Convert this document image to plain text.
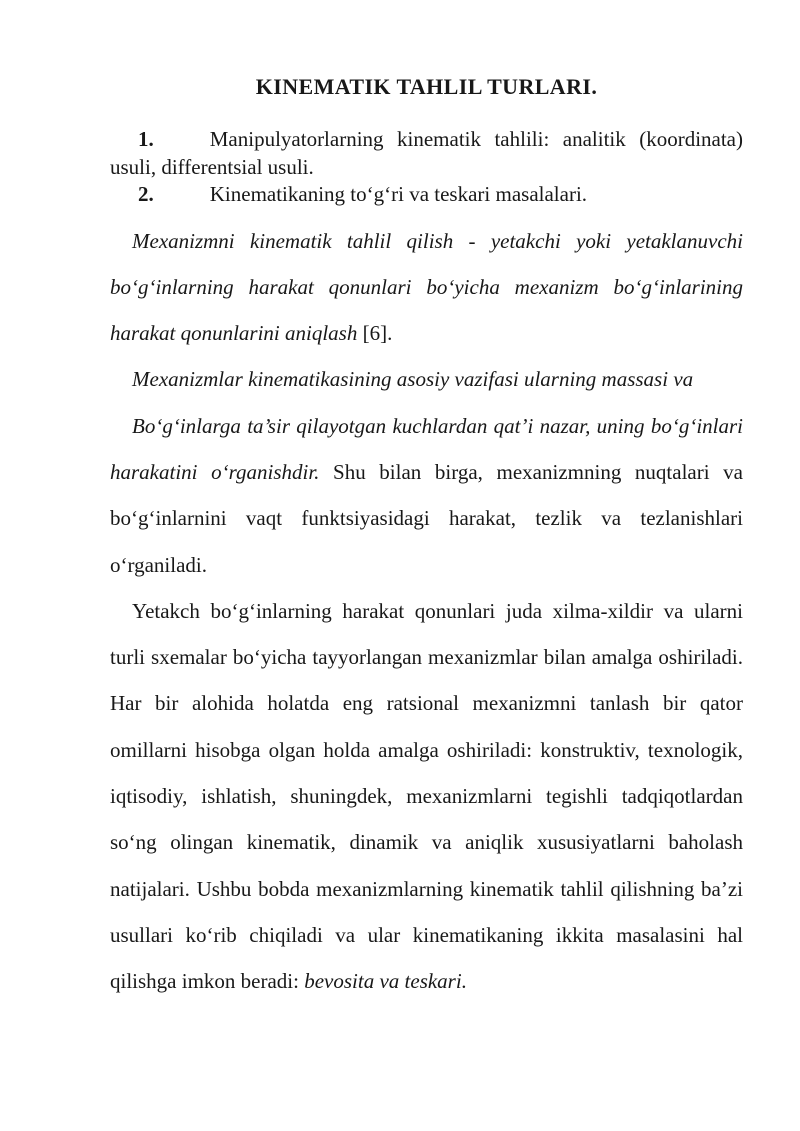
KINEMATIK TAHLIL TURLARI.

1.	Manipulyatorlarning kinematik tahlili: analitik (koordinata) usuli, differentsial usuli.

2.	Kinematikaning to‘g‘ri va teskari masalalari.

Mexanizmni kinematik tahlil qilish - yetakchi yoki yetaklanuvchi bo‘g‘inlarning harakat qonunlari bo‘yicha mexanizm bo‘g‘inlarining harakat qonunlarini aniqlash [6].

Mexanizmlar kinematikasining asosiy vazifasi ularning massasi va

Bo‘g‘inlarga ta’sir qilayotgan kuchlardan qat’i nazar, uning bo‘g‘inlari harakatini o‘rganishdir. Shu bilan birga, mexanizmning nuqtalari va bo‘g‘inlarnini vaqt funktsiyasidagi harakat, tezlik va tezlanishlari o‘rganiladi.

Yetakch bo‘g‘inlarning harakat qonunlari juda xilma-xildir va ularni turli sxemalar bo‘yicha tayyorlangan mexanizmlar bilan amalga oshiriladi. Har bir alohida holatda eng ratsional mexanizmni tanlash bir qator omillarni hisobga olgan holda amalga oshiriladi: konstruktiv, texnologik, iqtisodiy, ishlatish, shuningdek, mexanizmlarni tegishli tadqiqotlardan so‘ng olingan kinematik, dinamik va aniqlik xususiyatlarni baholash natijalari. Ushbu bobda mexanizmlarning kinematik tahlil qilishning ba’zi usullari ko‘rib chiqiladi va ular kinematikaning ikkita masalasini hal qilishga imkon beradi: bevosita va teskari.
